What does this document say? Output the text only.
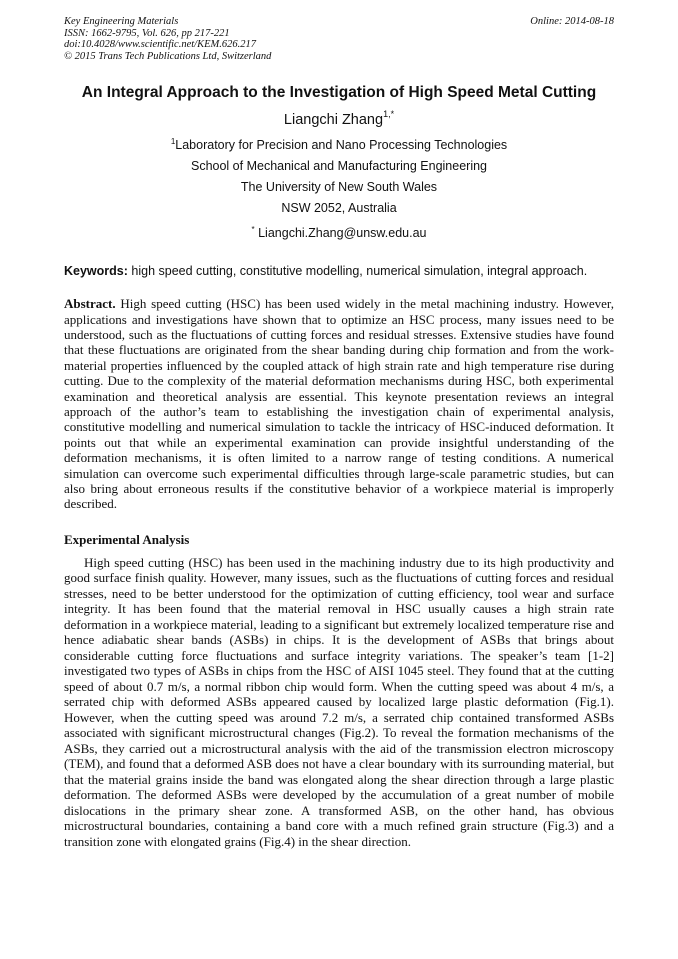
Key Engineering Materials
ISSN: 1662-9795, Vol. 626, pp 217-221
doi:10.4028/www.scientific.net/KEM.626.217
© 2015 Trans Tech Publications Ltd, Switzerland
Online: 2014-08-18
An Integral Approach to the Investigation of High Speed Metal Cutting
Liangchi Zhang$^{1,*}$
$^1$Laboratory for Precision and Nano Processing Technologies
School of Mechanical and Manufacturing Engineering
The University of New South Wales
NSW 2052, Australia
* Liangchi.Zhang@unsw.edu.au
Keywords: high speed cutting, constitutive modelling, numerical simulation, integral approach.
Abstract. High speed cutting (HSC) has been used widely in the metal machining industry. However, applications and investigations have shown that to optimize an HSC process, many issues need to be understood, such as the fluctuations of cutting forces and residual stresses. Extensive studies have found that these fluctuations are originated from the shear banding during chip formation and from the work-material properties influenced by the coupled attack of high strain rate and high temperature rise during cutting. Due to the complexity of the material deformation mechanisms during HSC, both experimental examination and theoretical analysis are essential. This keynote presentation reviews an integral approach of the author’s team to establishing the investigation chain of experimental analysis, constitutive modelling and numerical simulation to tackle the intricacy of HSC-induced deformation. It points out that while an experimental examination can provide insightful understanding of the deformation mechanisms, it is often limited to a narrow range of testing conditions. A numerical simulation can overcome such experimental difficulties through large-scale parametric studies, but can also bring about erroneous results if the constitutive behavior of a workpiece material is improperly described.
Experimental Analysis
High speed cutting (HSC) has been used in the machining industry due to its high productivity and good surface finish quality. However, many issues, such as the fluctuations of cutting forces and residual stresses, need to be better understood for the optimization of cutting efficiency, tool wear and surface integrity. It has been found that the material removal in HSC usually causes a high strain rate deformation in a workpiece material, leading to a significant but extremely localized temperature rise and hence adiabatic shear bands (ASBs) in chips. It is the development of ASBs that brings about considerable cutting force fluctuations and surface integrity variations. The speaker’s team [1-2] investigated two types of ASBs in chips from the HSC of AISI 1045 steel. They found that at the cutting speed of about 0.7 m/s, a normal ribbon chip would form. When the cutting speed was about 4 m/s, a serrated chip with deformed ASBs appeared caused by localized large plastic deformation (Fig.1). However, when the cutting speed was around 7.2 m/s, a serrated chip contained transformed ASBs associated with significant microstructural changes (Fig.2). To reveal the formation mechanisms of the ASBs, they carried out a microstructural analysis with the aid of the transmission electron microscopy (TEM), and found that a deformed ASB does not have a clear boundary with its surrounding material, but that the material grains inside the band was elongated along the shear direction through a large plastic deformation. The deformed ASBs were developed by the accumulation of a great number of mobile dislocations in the primary shear zone. A transformed ASB, on the other hand, has obvious microstructural boundaries, containing a band core with a much refined grain structure (Fig.3) and a transition zone with elongated grains (Fig.4) in the shear direction.
